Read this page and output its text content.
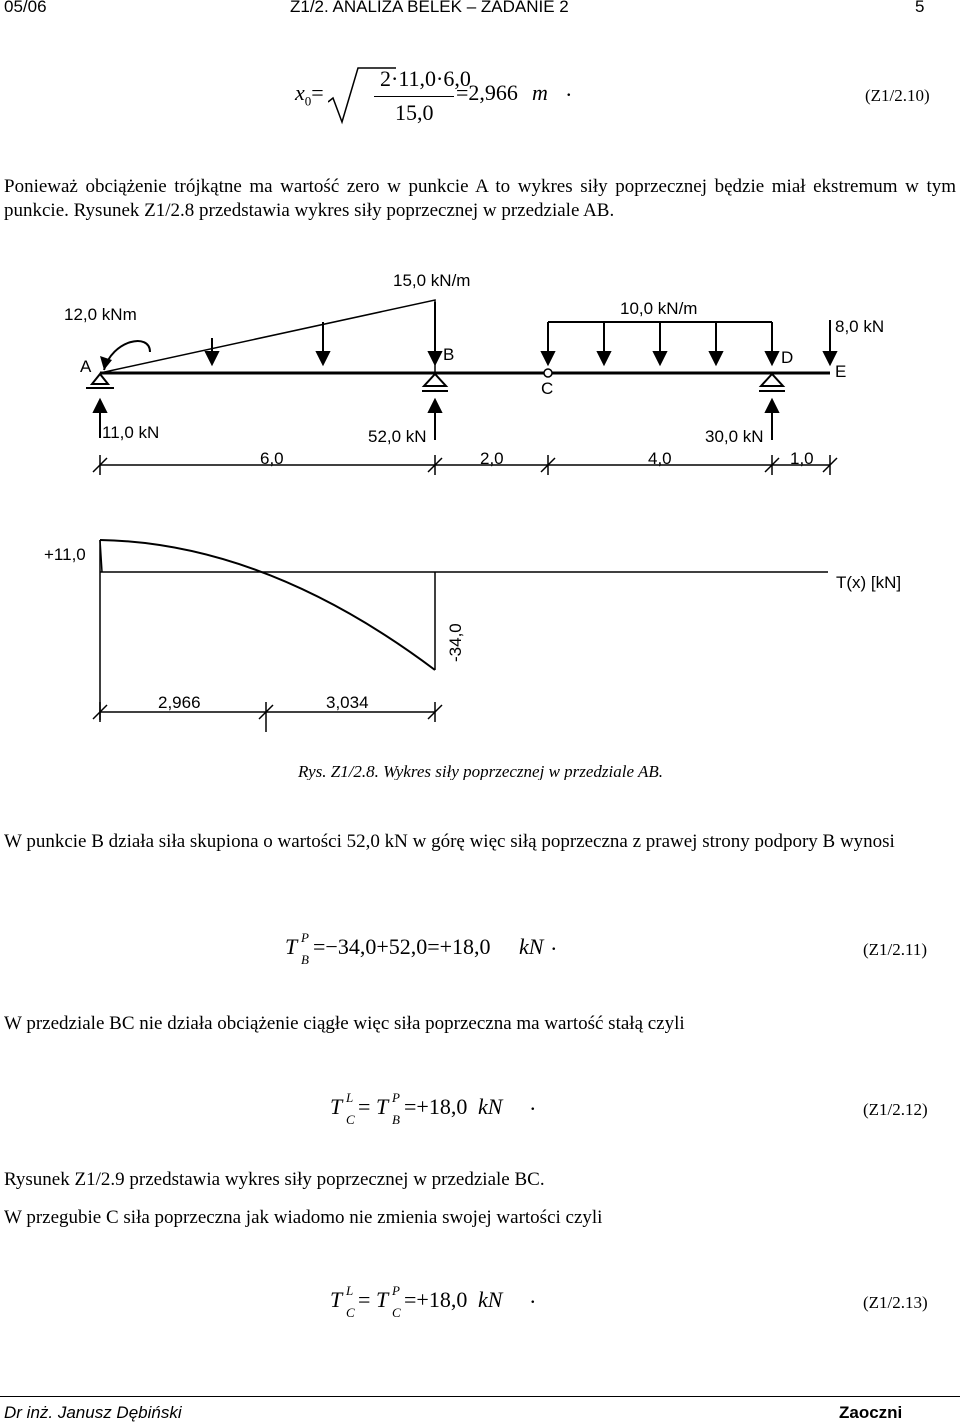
05/06	Z1/2. ANALIZA BELEK – ZADANIE 2	5
$x_0=$
2·11,0·6,0
15,0
=2,966 m .	(Z1/2.10)
Ponieważ obciążenie trójkątne ma wartość zero w punkcie A to wykres siły poprzecznej będzie miał ekstremum w tym punkcie. Rysunek Z1/2.8 przedstawia wykres siły poprzecznej w przedziale AB.
15,0 kN/m
12,0 kNm	10,0 kN/m
8,0 kN
A
B
C
D
E
11,0 kN	52,0 kN	30,0 kN
6,0	2,0	4,0	1,0
+11,0
T(x) [kN]
-34,0
2,966	3,034
Rys. Z1/2.8. Wykres siły poprzecznej w przedziale AB.
W punkcie B działa siła skupiona o wartości 52,0 kN w górę więc siłą poprzeczna z prawej strony podpory B wynosi
T P
B
=−34,0+52,0=+18,0 kN .	(Z1/2.11)
W przedziale BC nie działa obciążenie ciągłe więc siła poprzeczna ma wartość stałą czyli
T L
C
= T P
B
=+18,0 kN .	(Z1/2.12)
Rysunek Z1/2.9 przedstawia wykres siły poprzecznej w przedziale BC.
W przegubie C siła poprzeczna jak wiadomo nie zmienia swojej wartości czyli
T L
C
= T P
C
=+18,0 kN .	(Z1/2.13)
Dr inż. Janusz Dębiński	Zaoczni
